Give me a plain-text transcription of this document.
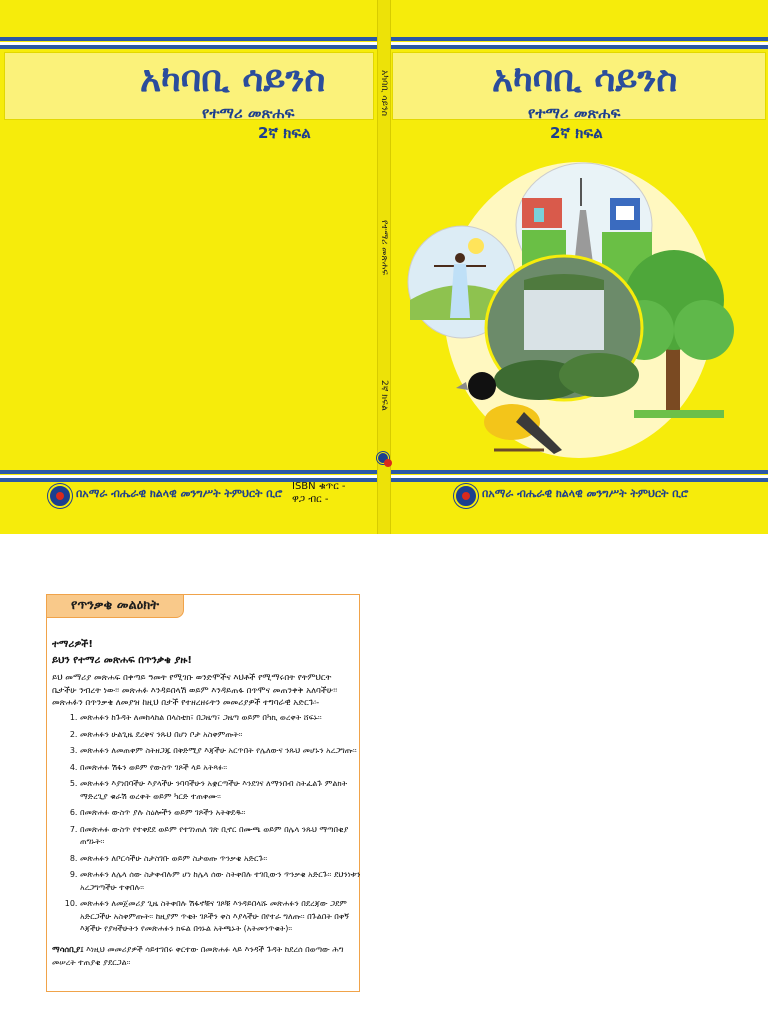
አካባቢ ሳይንስ
የተማሪ መጽሐፍ
2ኛ ክፍል
አካባቢ ሳይንስ
የተማሪ መጽሐፍ
2ኛ ክፍል
አካባቢ ሳይንስ
የተማሪ መጽሐፍ
2ኛ ክፍል
በአማራ ብሔራዊ ክልላዊ መንግሥት ትምህርት ቢሮ
ISBN ቁጥር -
ዋጋ ብር -	በአማራ ብሔራዊ ክልላዊ መንግሥት ትምህርት ቢሮ
የጥንቃቄ መልዕክት
ተማሪዎች!
ይህን የተማሪ መጽሐፍ በጥንቃቄ ያዙ!
ይህ መማሪያ መጽሐፍ በቀጣይ ዓመት የሚገቡ ወንድሞችና እህቶች የሚማሩበት የትምህርት ቤታችሁ ንብረት ነው፡፡ መጽሐፉ እንዳይበላሽ ወይም እንዳይጠፋ በጥሞና መጠንቀቅ አለባችሁ፡፡ መጽሐፉን በጥንቃቄ ለመያዝ ከዚህ በታች የተዘረዘሩትን መመሪያዎች ተግባራዊ አድርጉ፡-
1. መጽሐፉን ከጉዳት ለመከላከል በላስቲክ፣ በጋዜጣ፣ ጋዜጣ ወይም በካኪ ወረቀት ሸፍኑ፡፡
2. መጽሐፉን ሁልጊዜ ደረቅና ንጹህ በሆነ ቦታ አስቀምጡት፡፡
3. መጽሐፉን ለመጠቀም ስትዘጋጁ በቅድሚያ እጃችሁ አርጥበት የሌለውና ንጹህ መሆኑን አረጋግጡ፡፡
4. በመጽሐፉ ሽፋን ወይም የውስጥ ገጾች ላይ አትጻፉ፡፡
5. መጽሐፉን እያነበባችሁ እያላችሁ ንባባችሁን አቋርጣችሁ እንደገና ለማንበብ ስትፈልጉ ምልክት ማድረጊያ ቁራሽ ወረቀት ወይም ካርድ ተጠቀሙ፡፡
6. በመጽሐፉ ውስጥ ያሉ ስዕሎችን ወይም ገጾችን አትቅደዱ፡፡
7. በመጽሐፉ ውስጥ የተቀደደ ወይም የተገነጠለ ገጽ ቢኖር በሙጫ ወይም በሌላ ንጹህ ማጣበቂያ ጠግኑት፡፡
8. መጽሐፉን ለቦርሳችሁ ስታስገቡ ወይም ስታወጡ ጥንቃቄ አድርጉ፡፡
9. መጽሐፉን ለሌላ ሰው ስታቀብሉም ሆነ ከሌላ ሰው ስትቀበሉ ተገቢውን ጥንቃቄ አድርጉ፡፡ ደህንነቱን አረጋግጣችሁ ተቀበሉ፡፡
10. መጽሐፉን ለመጀመሪያ ጊዜ ስትቀበሉ ሽፋኖቹና ገጾቹ እንዳይበላሹ መጽሐፉን በደረጃው ጋደም አድርጋችሁ አስቀምጡት፡፡ ከዚያም ጥቂት ገጾችን ቀስ እያላችሁ በየተራ ግለጡ፡፡ በጉልበት በቀኝ እጃችሁ የያዛችሁትን የመጽሐፉን ክፍል በጎኑል አትጫኑት (አትመንጥቁት)፡፡
ማሳሰቢያ፤ እነዚህ መመሪያዎች ሳይተገበሩ ቀርተው በመጽሐፉ ላይ እንዳች ጉዳት ከደረሰ በወጣው ሕግ መሠረት ተጠያቂ ያደርጋል፡፡
